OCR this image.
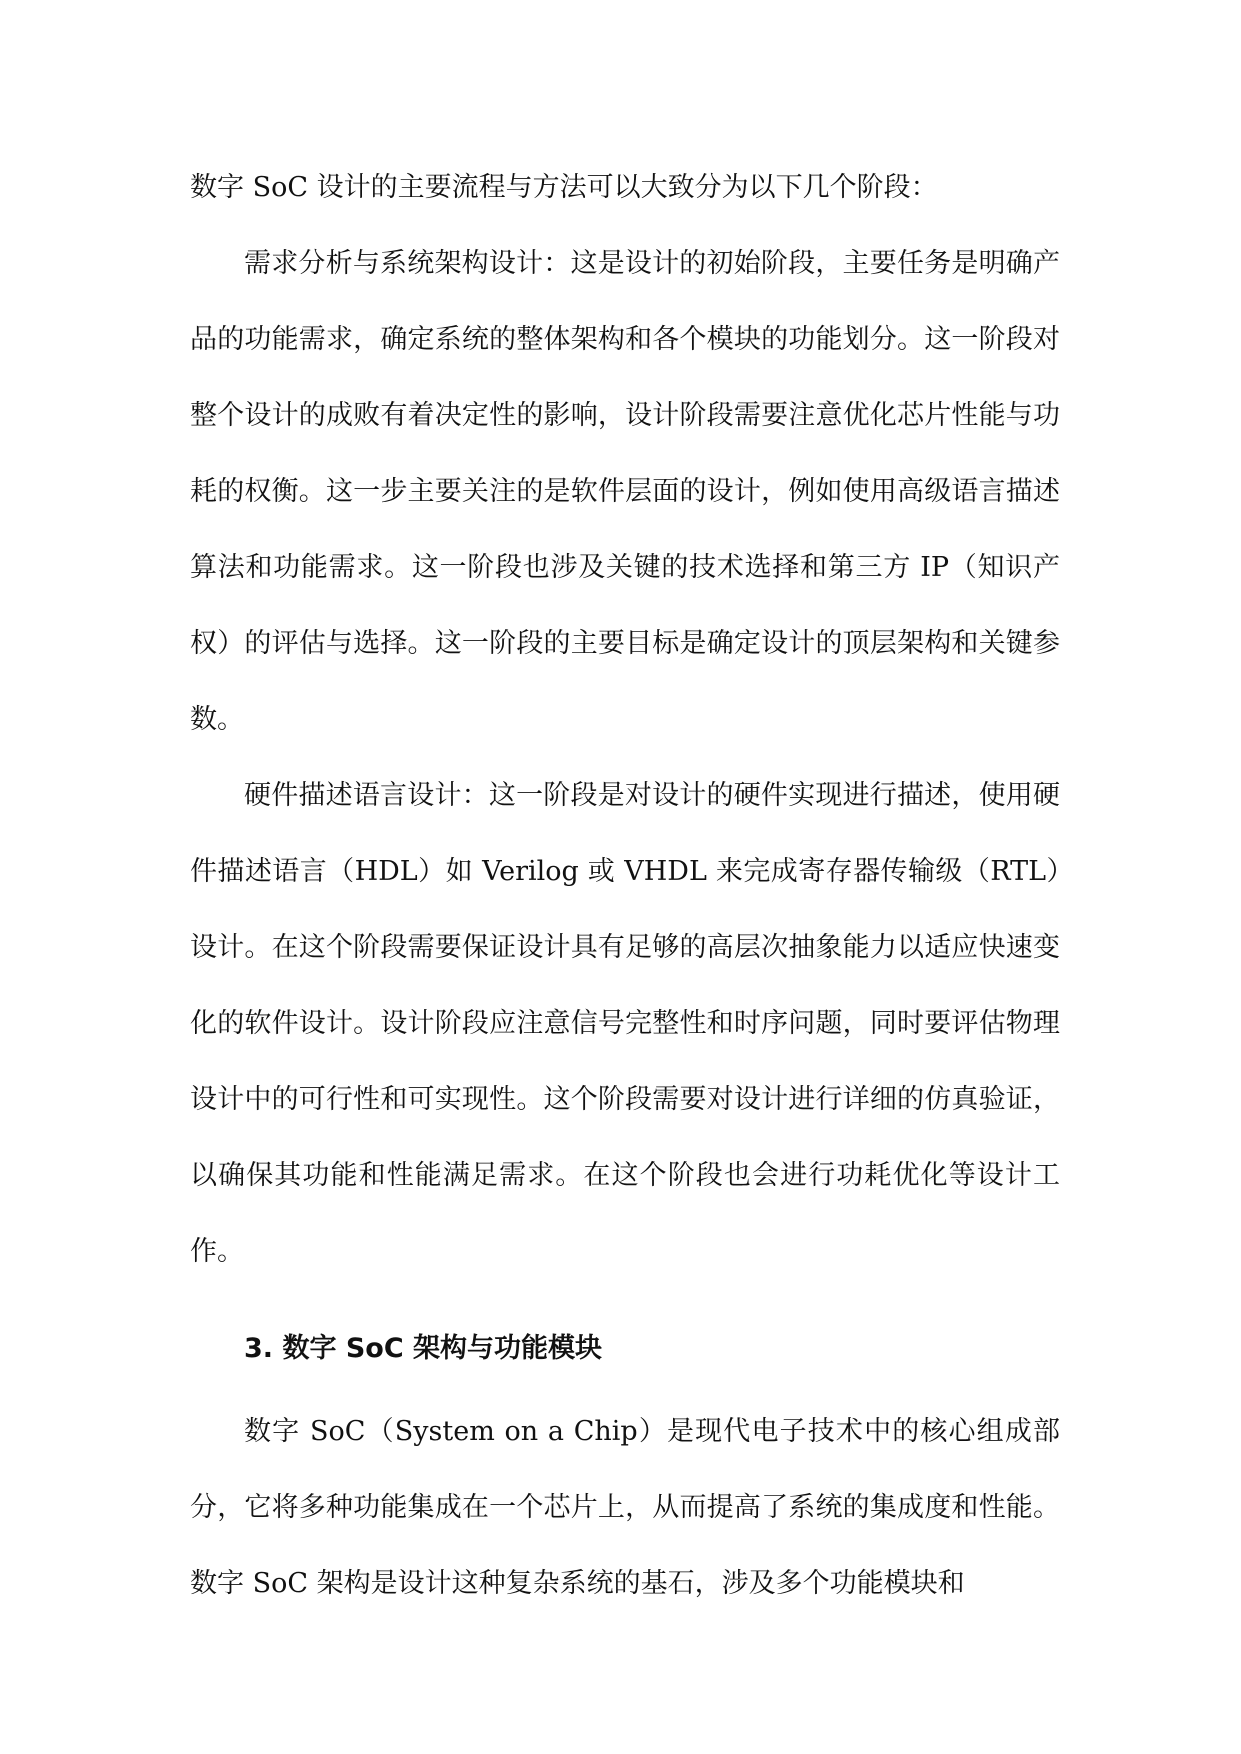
数字 SoC 设计的主要流程与方法可以大致分为以下几个阶段：

需求分析与系统架构设计：这是设计的初始阶段，主要任务是明确产品的功能需求，确定系统的整体架构和各个模块的功能划分。这一阶段对整个设计的成败有着决定性的影响，设计阶段需要注意优化芯片性能与功耗的权衡。这一步主要关注的是软件层面的设计，例如使用高级语言描述算法和功能需求。这一阶段也涉及关键的技术选择和第三方 IP（知识产权）的评估与选择。这一阶段的主要目标是确定设计的顶层架构和关键参数。

硬件描述语言设计：这一阶段是对设计的硬件实现进行描述，使用硬件描述语言（HDL）如 Verilog 或 VHDL 来完成寄存器传输级（RTL）设计。在这个阶段需要保证设计具有足够的高层次抽象能力以适应快速变化的软件设计。设计阶段应注意信号完整性和时序问题，同时要评估物理设计中的可行性和可实现性。这个阶段需要对设计进行详细的仿真验证，以确保其功能和性能满足需求。在这个阶段也会进行功耗优化等设计工作。

3. 数字 SoC 架构与功能模块

数字 SoC（System on a Chip）是现代电子技术中的核心组成部分，它将多种功能集成在一个芯片上，从而提高了系统的集成度和性能。数字 SoC 架构是设计这种复杂系统的基石，涉及多个功能模块和
